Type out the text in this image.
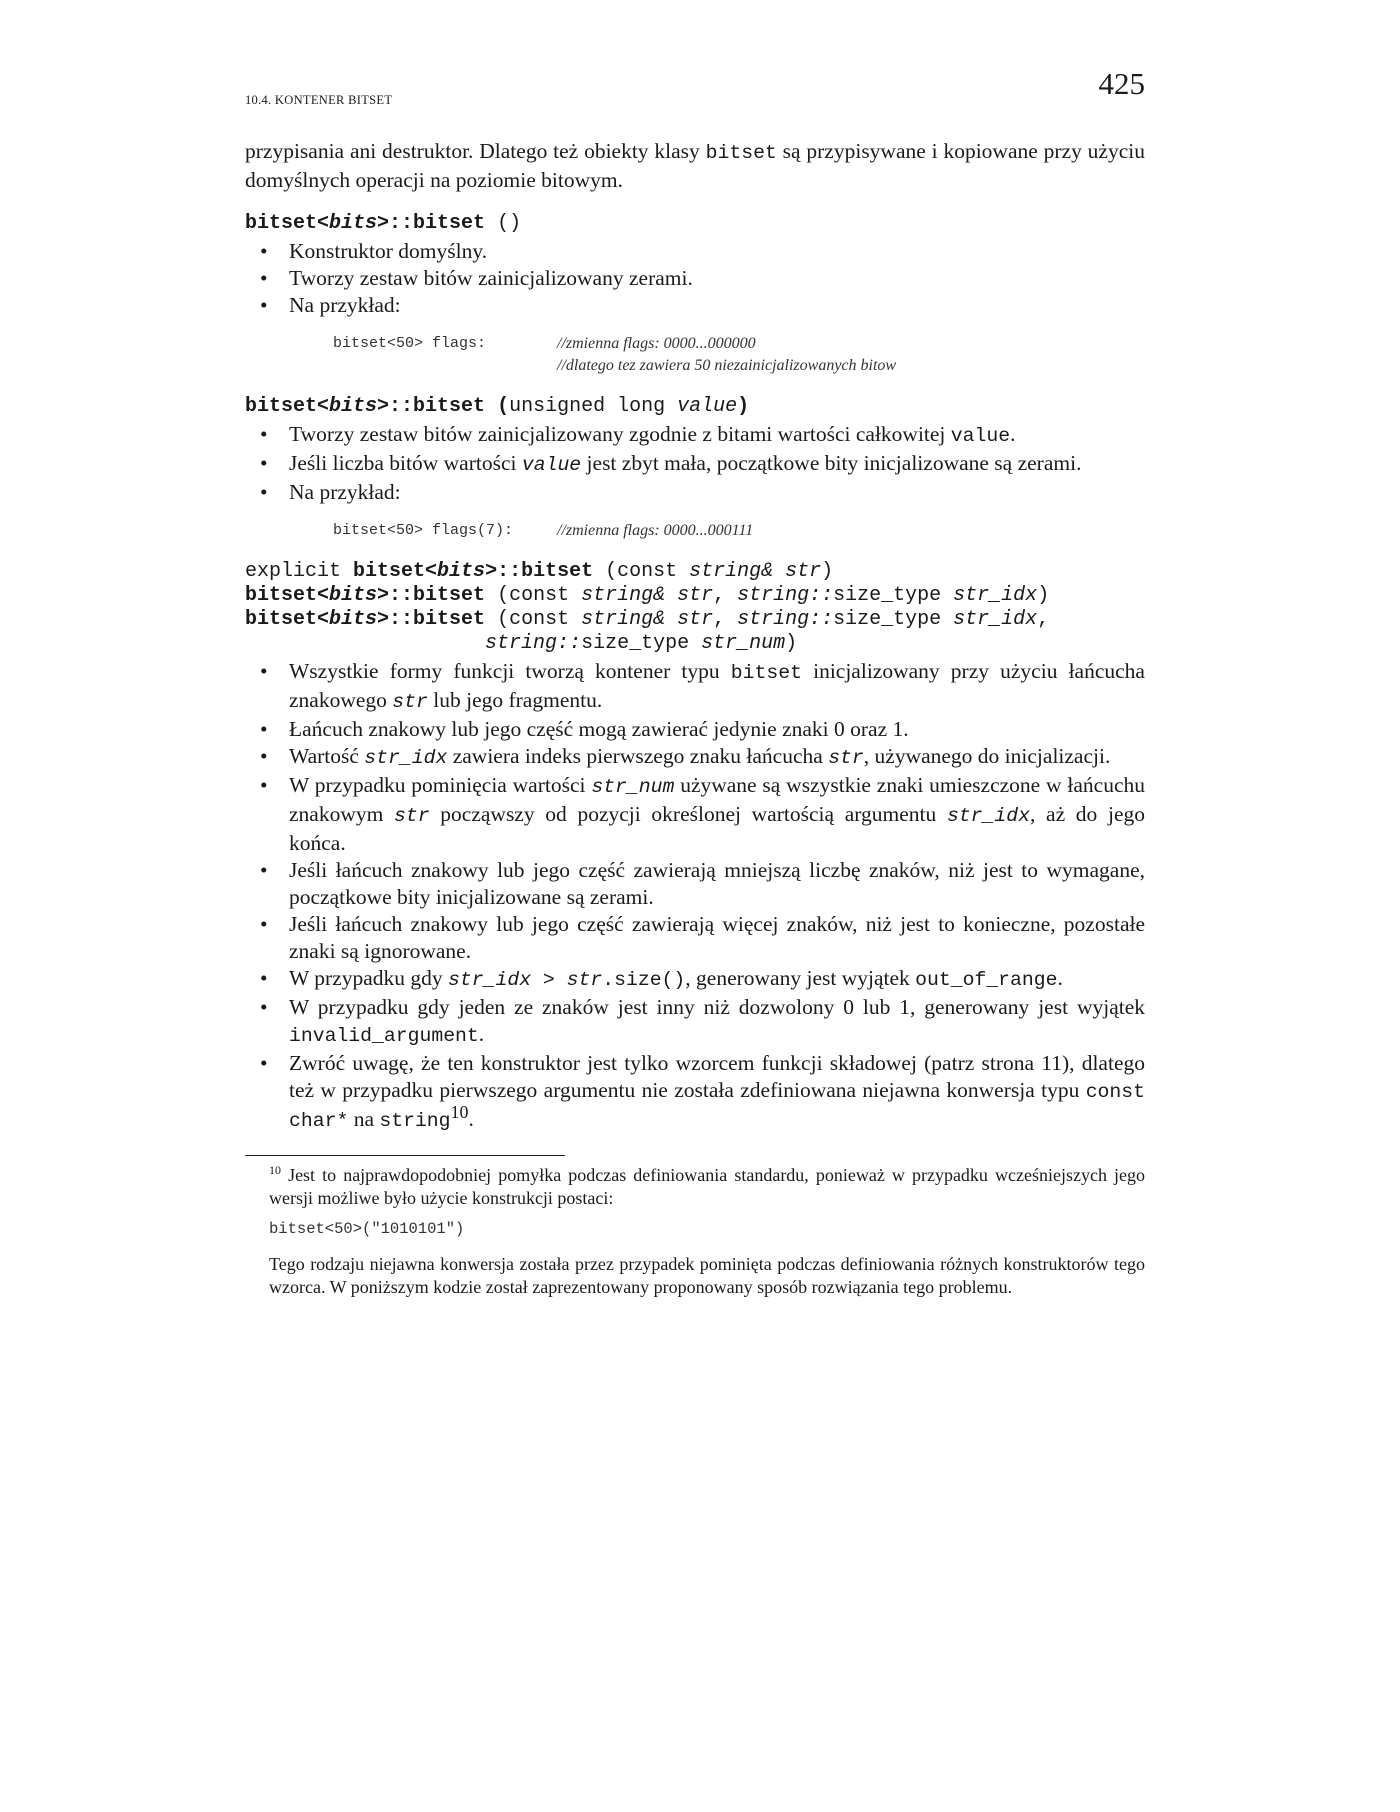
10.4. KONTENER BITSET	425

przypisania ani destruktor. Dlatego też obiekty klasy bitset są przypisywane i kopiowane przy użyciu domyślnych operacji na poziomie bitowym.

bitset<bits>::bitset ()
• Konstruktor domyślny.
• Tworzy zestaw bitów zainicjalizowany zerami.
• Na przykład:
bitset<50> flags:	//zmienna flags: 0000...000000
//dlatego tez zawiera 50 niezainicjalizowanych bitow
bitset<bits>::bitset (unsigned long value)
• Tworzy zestaw bitów zainicjalizowany zgodnie z bitami wartości całkowitej value.
• Jeśli liczba bitów wartości value jest zbyt mała, początkowe bity inicjalizowane są zerami.
• Na przykład:
bitset<50> flags(7):	//zmienna flags: 0000...000111
explicit bitset<bits>::bitset (const string& str)
bitset<bits>::bitset (const string& str, string::size_type str_idx)
bitset<bits>::bitset (const string& str, string::size_type str_idx,
string::size_type str_num)
• Wszystkie formy funkcji tworzą kontener typu bitset inicjalizowany przy użyciu łańcucha znakowego str lub jego fragmentu.
• Łańcuch znakowy lub jego część mogą zawierać jedynie znaki 0 oraz 1.
• Wartość str_idx zawiera indeks pierwszego znaku łańcucha str, używanego do inicjalizacji.
• W przypadku pominięcia wartości str_num używane są wszystkie znaki umieszczone w łańcuchu znakowym str począwszy od pozycji określonej wartością argumentu str_idx, aż do jego końca.
• Jeśli łańcuch znakowy lub jego część zawierają mniejszą liczbę znaków, niż jest to wymagane, początkowe bity inicjalizowane są zerami.
• Jeśli łańcuch znakowy lub jego część zawierają więcej znaków, niż jest to konieczne, pozostałe znaki są ignorowane.
• W przypadku gdy str_idx > str.size(), generowany jest wyjątek out_of_range.
• W przypadku gdy jeden ze znaków jest inny niż dozwolony 0 lub 1, generowany jest wyjątek invalid_argument.
• Zwróć uwagę, że ten konstruktor jest tylko wzorcem funkcji składowej (patrz strona 11), dlatego też w przypadku pierwszego argumentu nie została zdefiniowana niejawna konwersja typu const char* na string$^{10}$.

$^{10}$ Jest to najprawdopodobniej pomyłka podczas definiowania standardu, ponieważ w przypadku wcześniejszych jego wersji możliwe było użycie konstrukcji postaci:

bitset<50>("1010101")

Tego rodzaju niejawna konwersja została przez przypadek pominięta podczas definiowania różnych konstruktorów tego wzorca. W poniższym kodzie został zaprezentowany proponowany sposób rozwiązania tego problemu.
